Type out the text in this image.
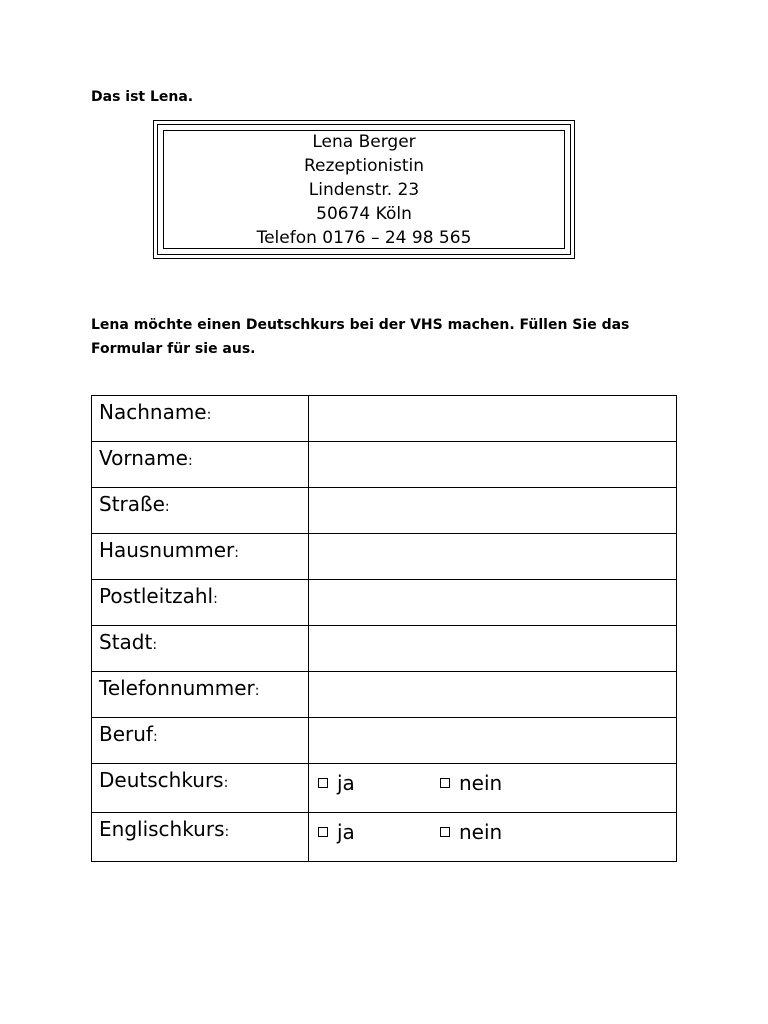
Das ist Lena.

Lena Berger
Rezeptionistin
Lindenstr. 23
50674 Köln
Telefon 0176 – 24 98 565

Lena möchte einen Deutschkurs bei der VHS machen. Füllen Sie das Formular für sie aus.

Nachname:	
Vorname:	
Straße:	
Hausnummer:	
Postleitzahl:	
Stadt:	
Telefonnummer:	
Beruf:	
Deutschkurs:	ja nein

Englischkurs:	ja nein
